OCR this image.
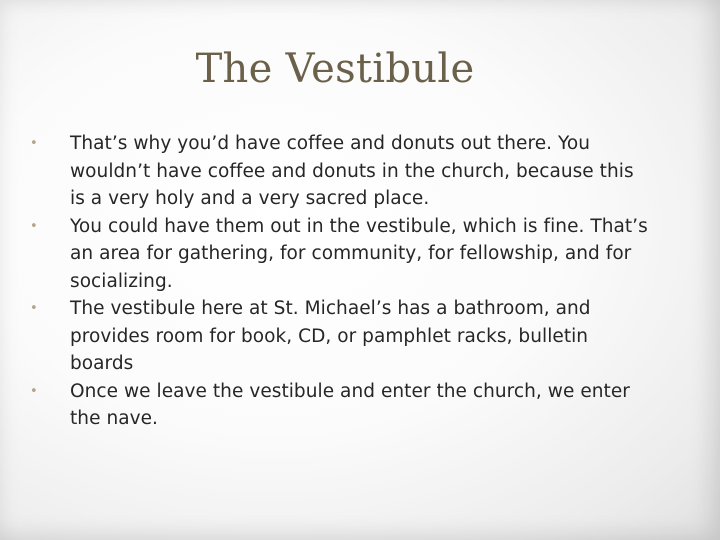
The Vestibule
•	That’s why you’d have coffee and donuts out there. You wouldn’t have coffee and donuts in the church, because this is a very holy and a very sacred place.
•	You could have them out in the vestibule, which is fine. That’s an area for gathering, for community, for fellowship, and for socializing.
•	The vestibule here at St. Michael’s has a bathroom, and provides room for book, CD, or pamphlet racks, bulletin boards
•	Once we leave the vestibule and enter the church, we enter the nave.
